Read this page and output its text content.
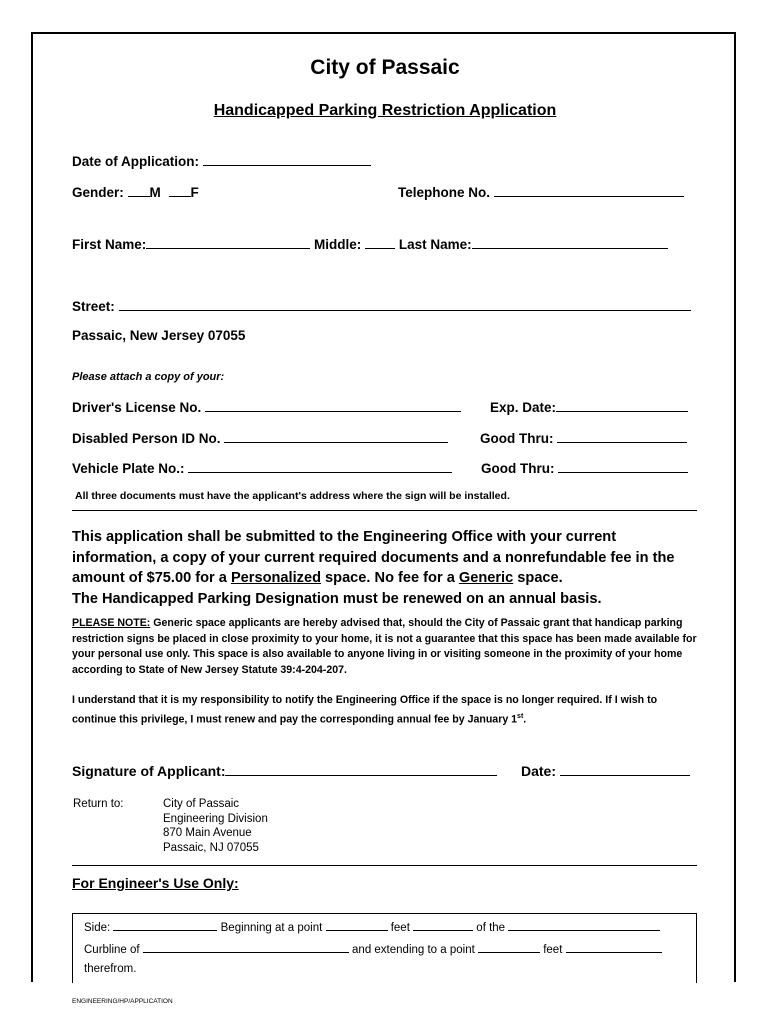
City of Passaic
Handicapped Parking Restriction Application
Date of Application:
Gender: M F	Telephone No.
First Name:	Middle:	Last Name:
Street:
Passaic, New Jersey 07055
Please attach a copy of your:
Driver's License No.	Exp. Date:
Disabled Person ID No.	Good Thru:
Vehicle Plate No.:	Good Thru:
All three documents must have the applicant's address where the sign will be installed.
This application shall be submitted to the Engineering Office with your current information, a copy of your current required documents and a nonrefundable fee in the amount of $75.00 for a Personalized space. No fee for a Generic space.
The Handicapped Parking Designation must be renewed on an annual basis.
PLEASE NOTE: Generic space applicants are hereby advised that, should the City of Passaic grant that handicap parking restriction signs be placed in close proximity to your home, it is not a guarantee that this space has been made available for your personal use only. This space is also available to anyone living in or visiting someone in the proximity of your home according to State of New Jersey Statute 39:4-204-207.
I understand that it is my responsibility to notify the Engineering Office if the space is no longer required. If I wish to continue this privilege, I must renew and pay the corresponding annual fee by January 1st.
Signature of Applicant:	Date:
Return to:	City of Passaic
Engineering Division
870 Main Avenue
Passaic, NJ 07055
For Engineer's Use Only:
Side:	Beginning at a point	feet	of the
Curbline of	and extending to a point	feet
therefrom.
ENGINEERING/HP/APPLICATION
